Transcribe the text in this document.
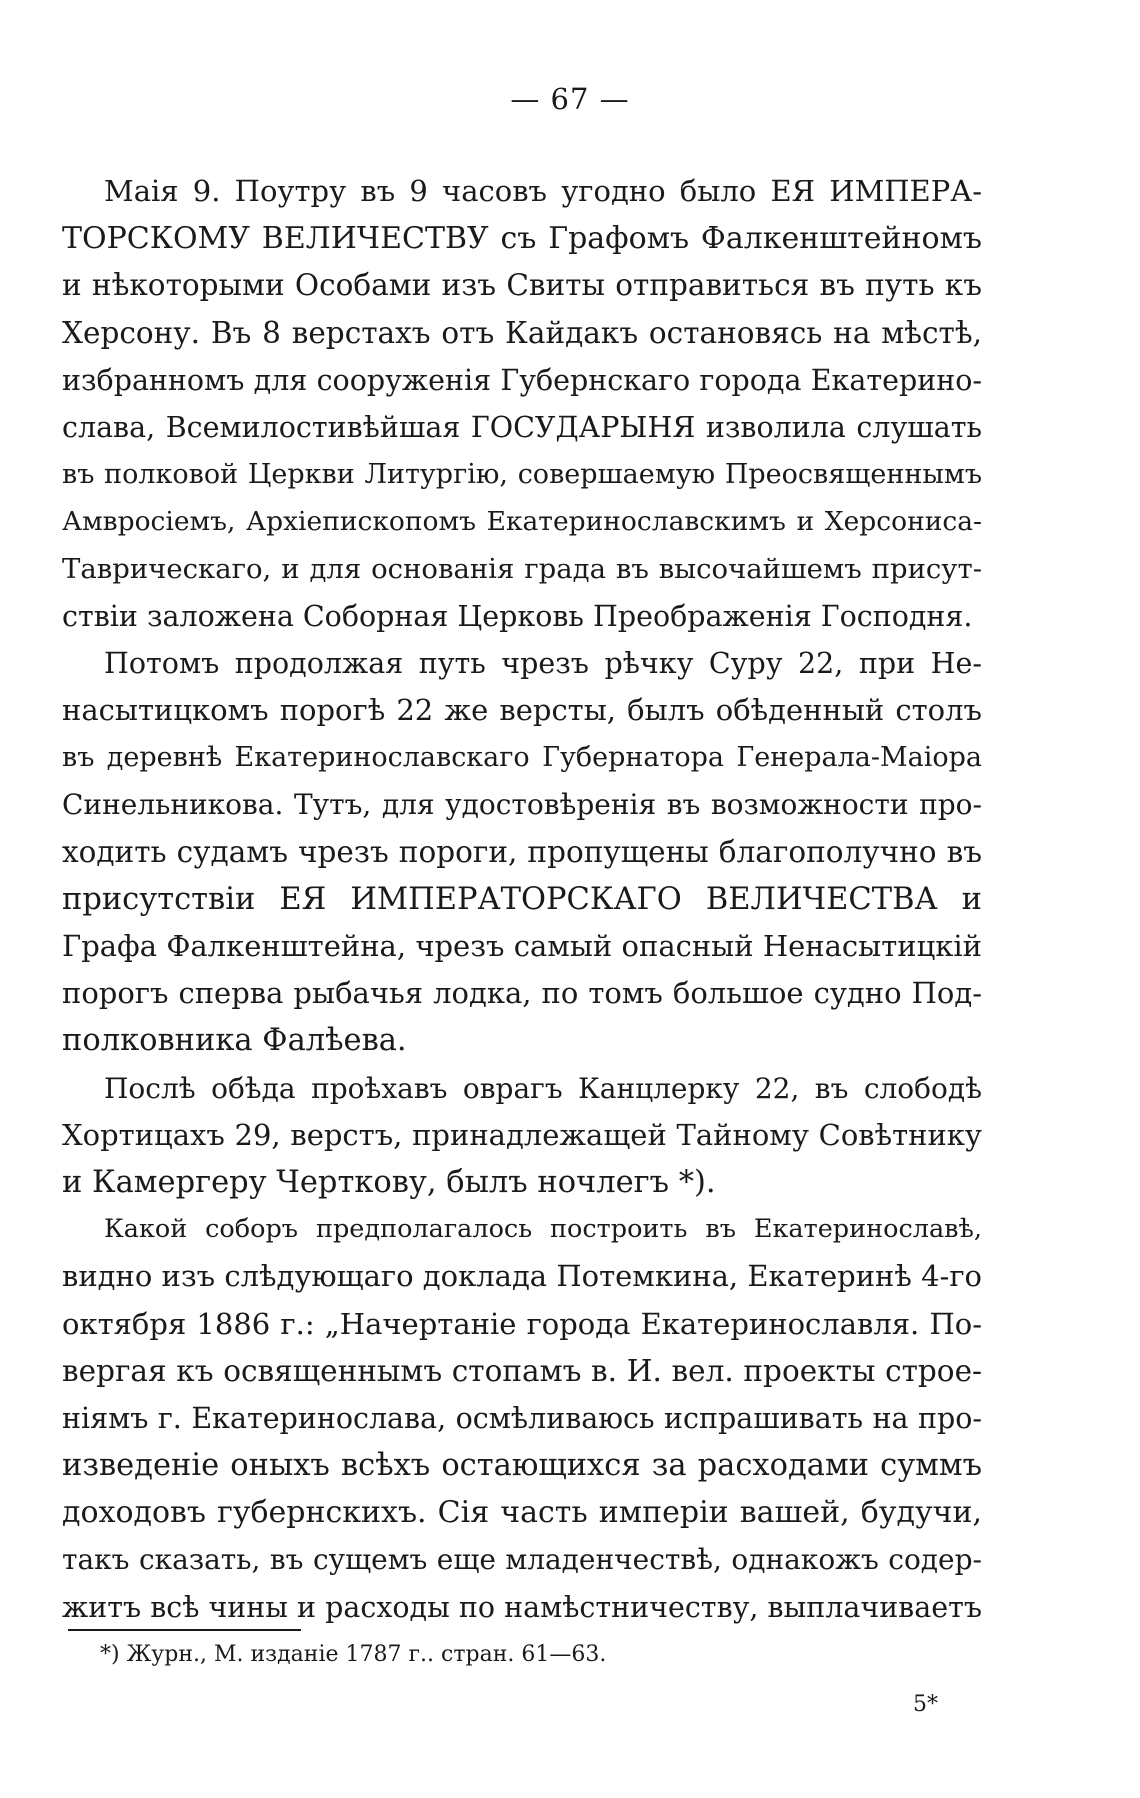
— 67 —
Маія 9. Поутру въ 9 часовъ угодно было ЕЯ ИМПЕРА-
ТОРСКОМУ ВЕЛИЧЕСТВУ съ Графомъ Фалкенштейномъ
и нѣкоторыми Особами изъ Свиты отправиться въ путь къ
Херсону. Въ 8 верстахъ отъ Кайдакъ остановясь на мѣстѣ,
избранномъ для сооруженія Губернскаго города Екатерино-
слава, Всемилостивѣйшая ГОСУДАРЫНЯ изволила слушать
въ полковой Церкви Литургію, совершаемую Преосвященнымъ
Амвросіемъ, Архіепископомъ Екатеринославскимъ и Херсониса-
Таврическаго, и для основанія града въ высочайшемъ присут-
ствіи заложена Соборная Церковь Преображенія Господня.
Потомъ продолжая путь чрезъ рѣчку Суру 22, при Не-
насытицкомъ порогѣ 22 же версты, былъ обѣденный столъ
въ деревнѣ Екатеринославскаго Губернатора Генерала-Маіора
Синельникова. Тутъ, для удостовѣренія въ возможности про-
ходить судамъ чрезъ пороги, пропущены благополучно въ
присутствіи ЕЯ ИМПЕРАТОРСКАГО ВЕЛИЧЕСТВА и
Графа Фалкенштейна, чрезъ самый опасный Ненасытицкій
порогъ сперва рыбачья лодка, по томъ большое судно Под-
полковника Фалѣева.
Послѣ обѣда проѣхавъ оврагъ Канцлерку 22, въ слободѣ
Хортицахъ 29, верстъ, принадлежащей Тайному Совѣтнику
и Камергеру Черткову, былъ ночлегъ *).
Какой соборъ предполагалось построить въ Екатеринославѣ,
видно изъ слѣдующаго доклада Потемкина, Екатеринѣ 4-го
октября 1886 г.: „Начертаніе города Екатеринославля. По-
вергая къ освященнымъ стопамъ в. И. вел. проекты строе-
ніямъ г. Екатеринослава, осмѣливаюсь испрашивать на про-
изведеніе оныхъ всѣхъ остающихся за расходами суммъ
доходовъ губернскихъ. Сія часть имперіи вашей, будучи,
такъ сказать, въ сущемъ еще младенчествѣ, однакожъ содер-
житъ всѣ чины и расходы по намѣстничеству, выплачиваетъ
*) Журн., М. изданіе 1787 г.. стран. 61—63.
5*
